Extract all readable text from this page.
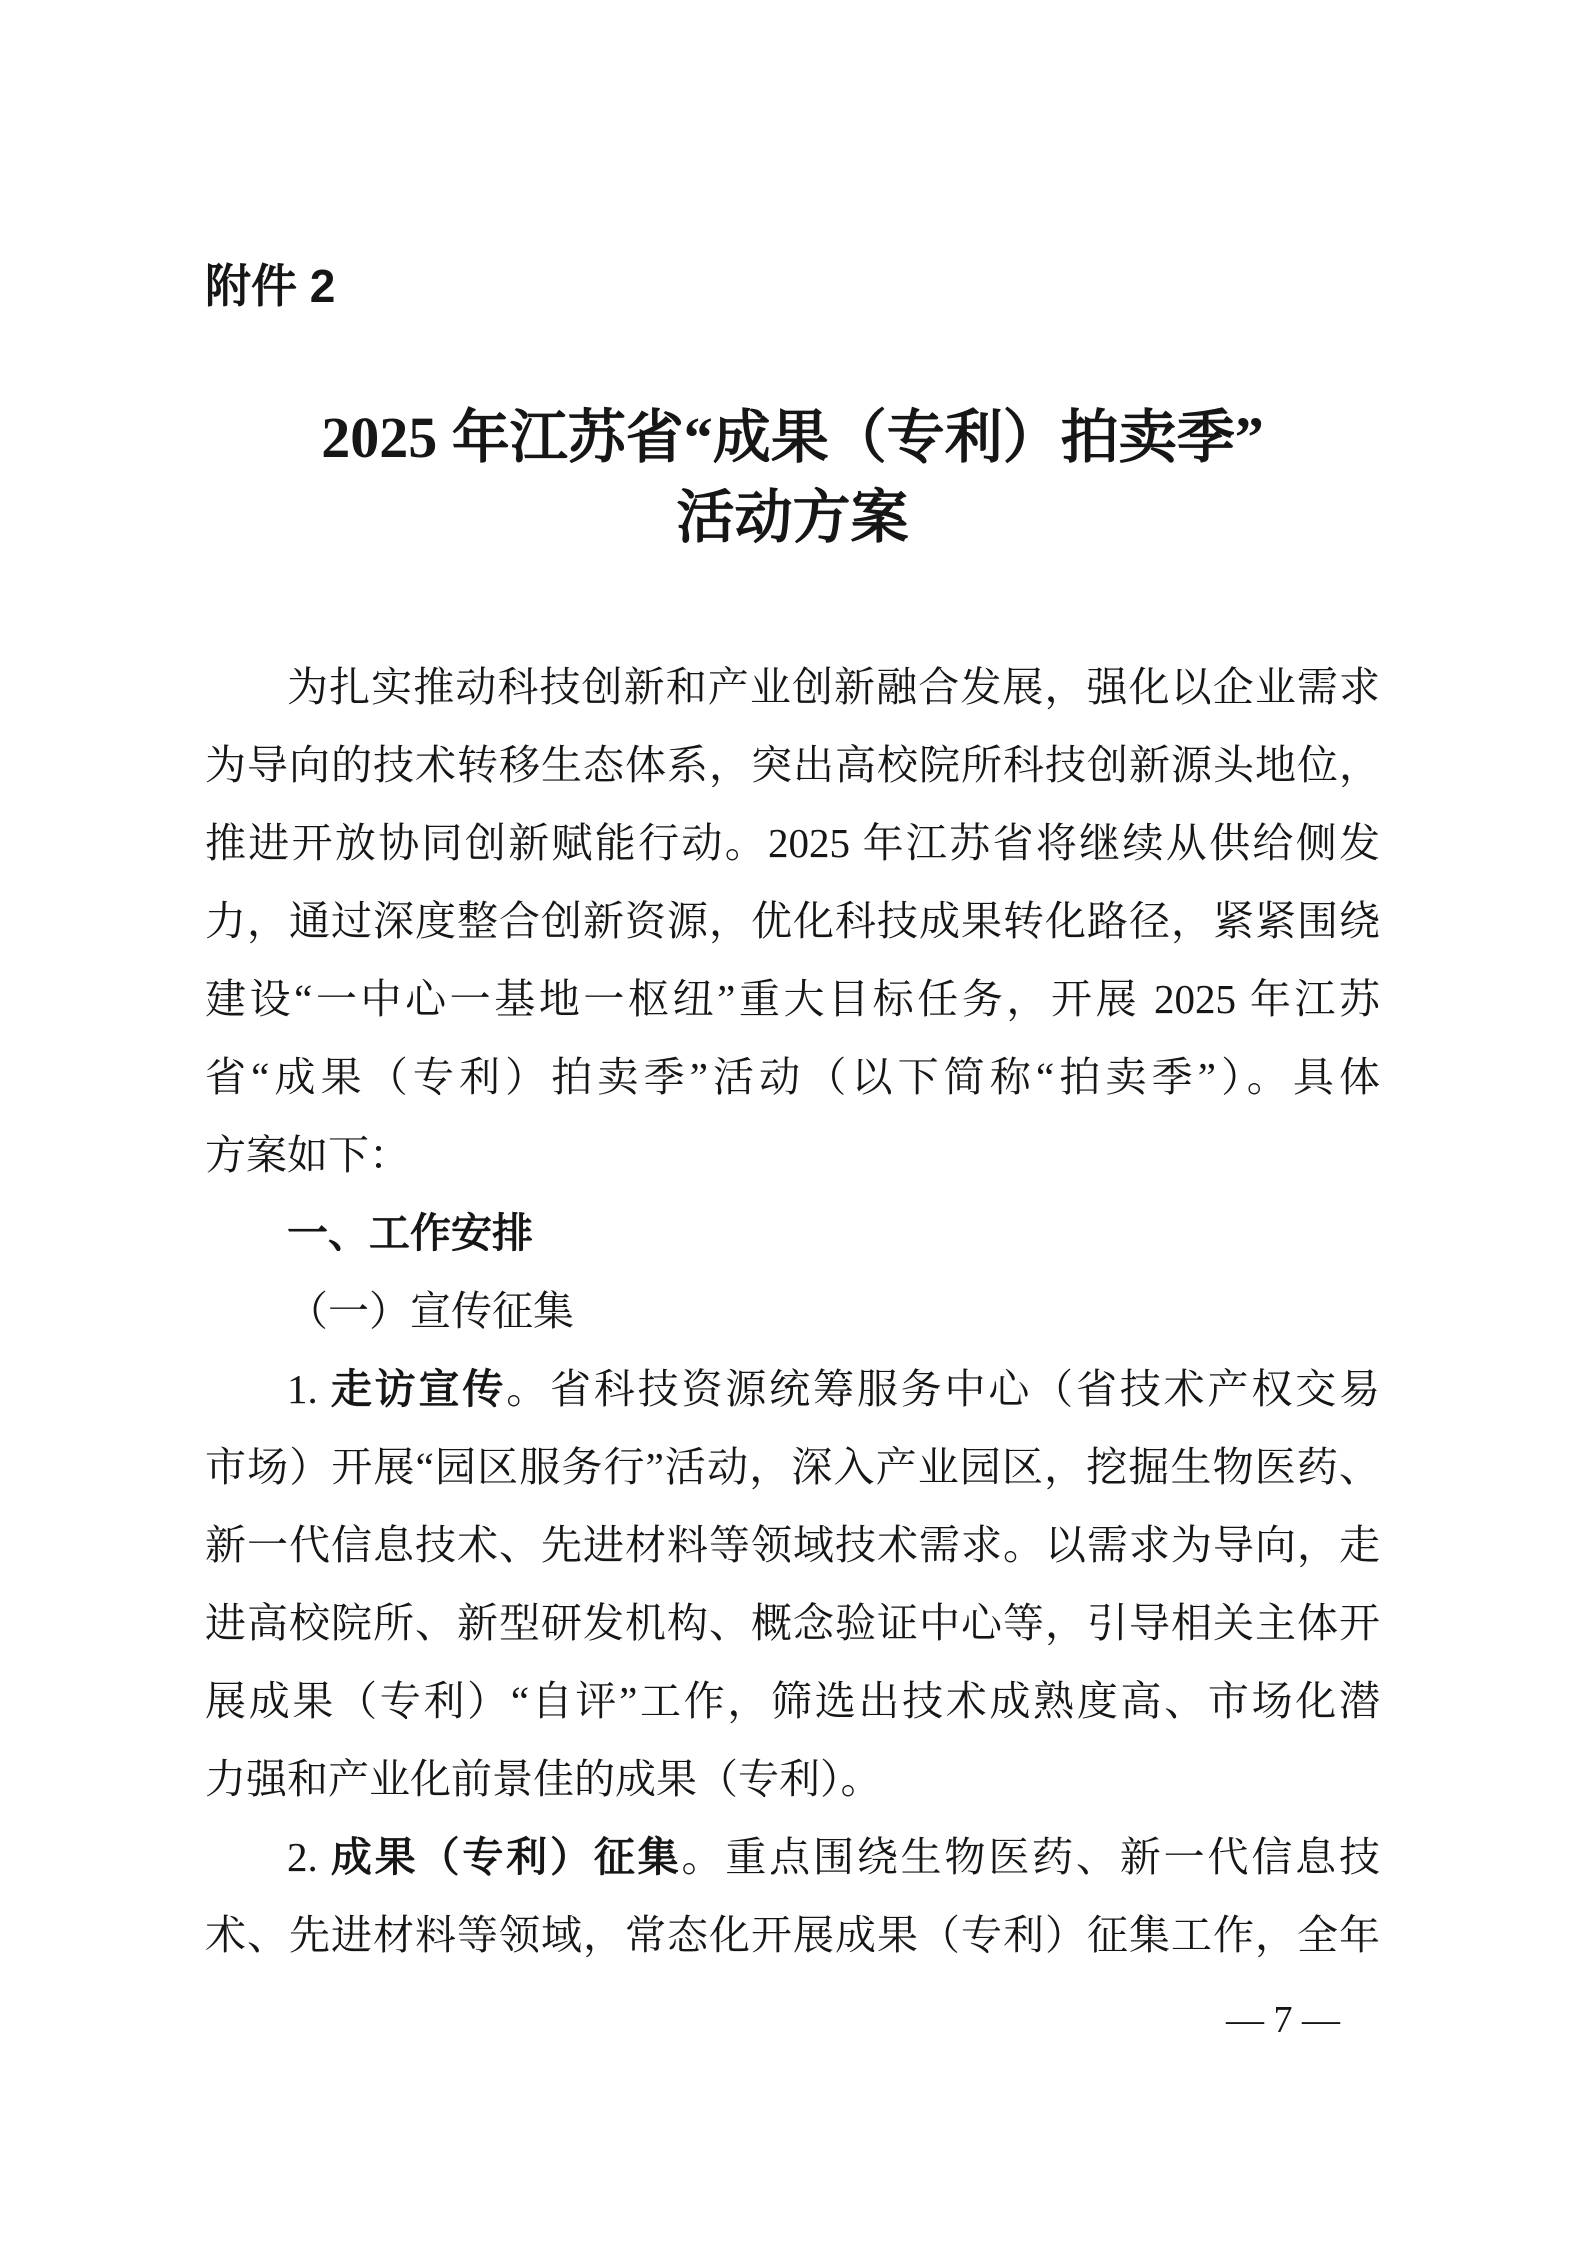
附件 2
2025 年江苏省“成果（专利）拍卖季”
活动方案
为扎实推动科技创新和产业创新融合发展，强化以企业需求
为导向的技术转移生态体系，突出高校院所科技创新源头地位，
推进开放协同创新赋能行动。2025 年江苏省将继续从供给侧发
力，通过深度整合创新资源，优化科技成果转化路径，紧紧围绕
建设“一中心一基地一枢纽”重大目标任务，开展 2025 年江苏
省“成果（专利）拍卖季”活动（以下简称“拍卖季”）。具体
方案如下：
一、工作安排
（一）宣传征集
1. 走访宣传。省科技资源统筹服务中心（省技术产权交易
市场）开展“园区服务行”活动，深入产业园区，挖掘生物医药、
新一代信息技术、先进材料等领域技术需求。以需求为导向，走
进高校院所、新型研发机构、概念验证中心等，引导相关主体开
展成果（专利）“自评”工作，筛选出技术成熟度高、市场化潜
力强和产业化前景佳的成果（专利）。
2. 成果（专利）征集。重点围绕生物医药、新一代信息技
术、先进材料等领域，常态化开展成果（专利）征集工作，全年
— 7 —
